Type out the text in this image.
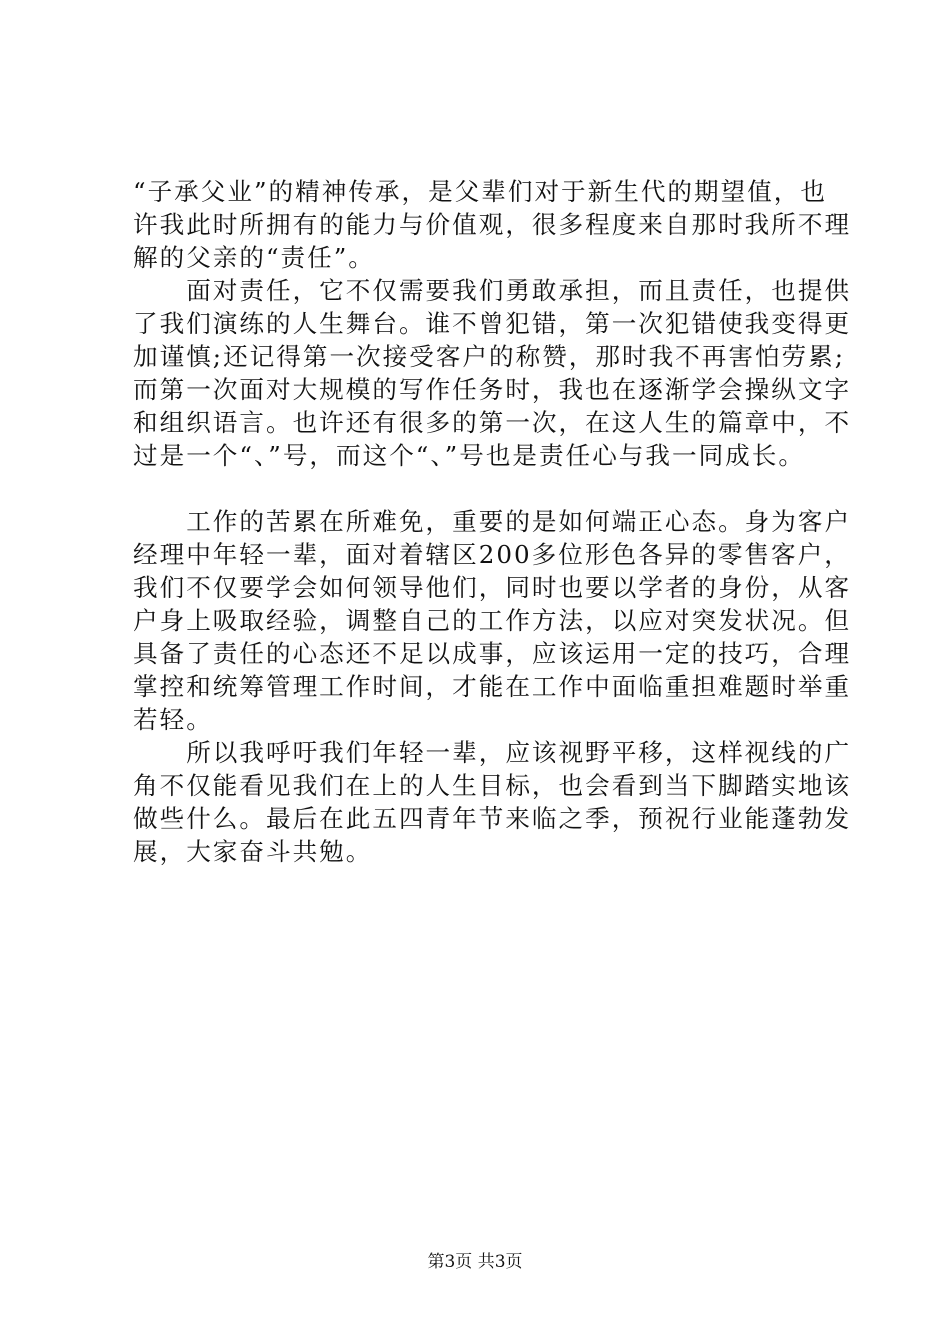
“子承父业”的精神传承，是父辈们对于新生代的期望值，也

许我此时所拥有的能力与价值观，很多程度来自那时我所不理

解的父亲的“责任”。

　　面对责任，它不仅需要我们勇敢承担，而且责任，也提供

了我们演练的人生舞台。谁不曾犯错，第一次犯错使我变得更

加谨慎;还记得第一次接受客户的称赞，那时我不再害怕劳累;

而第一次面对大规模的写作任务时，我也在逐渐学会操纵文字

和组织语言。也许还有很多的第一次，在这人生的篇章中，不

过是一个“、”号，而这个“、”号也是责任心与我一同成长。

　　工作的苦累在所难免，重要的是如何端正心态。身为客户

经理中年轻一辈，面对着辖区200多位形色各异的零售客户，

我们不仅要学会如何领导他们，同时也要以学者的身份，从客

户身上吸取经验，调整自己的工作方法，以应对突发状况。但

具备了责任的心态还不足以成事，应该运用一定的技巧，合理

掌控和统筹管理工作时间，才能在工作中面临重担难题时举重

若轻。

　　所以我呼吁我们年轻一辈，应该视野平移，这样视线的广

角不仅能看见我们在上的人生目标，也会看到当下脚踏实地该

做些什么。最后在此五四青年节来临之季，预祝行业能蓬勃发

展，大家奋斗共勉。

第3页 共3页
